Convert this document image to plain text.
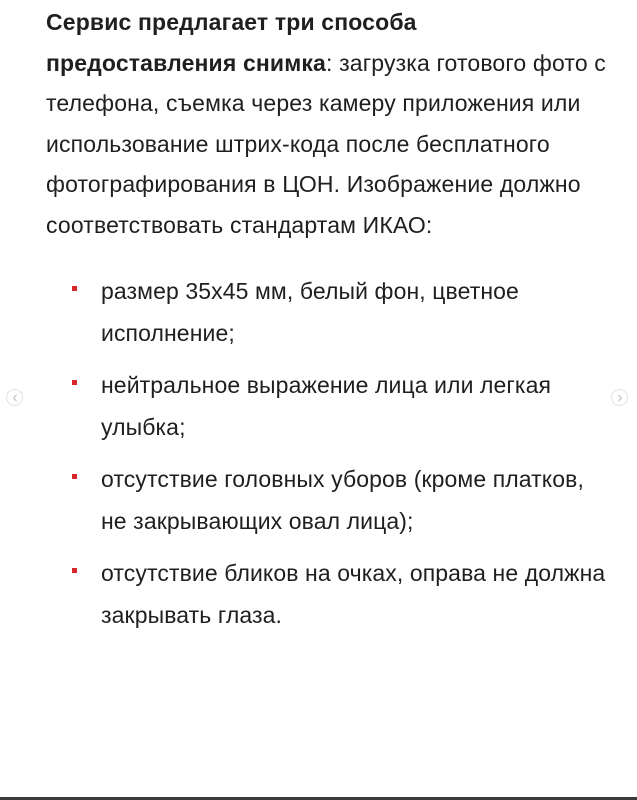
Сервис предлагает три способа предоставления снимка: загрузка готового фото с телефона, съемка через камеру приложения или использование штрих-кода после бесплатного фотографирования в ЦОН. Изображение должно соответствовать стандартам ИКАО:

размер 35х45 мм, белый фон, цветное исполнение;
нейтральное выражение лица или легкая улыбка;
отсутствие головных уборов (кроме платков, не закрывающих овал лица);
отсутствие бликов на очках, оправа не должна закрывать глаза.
